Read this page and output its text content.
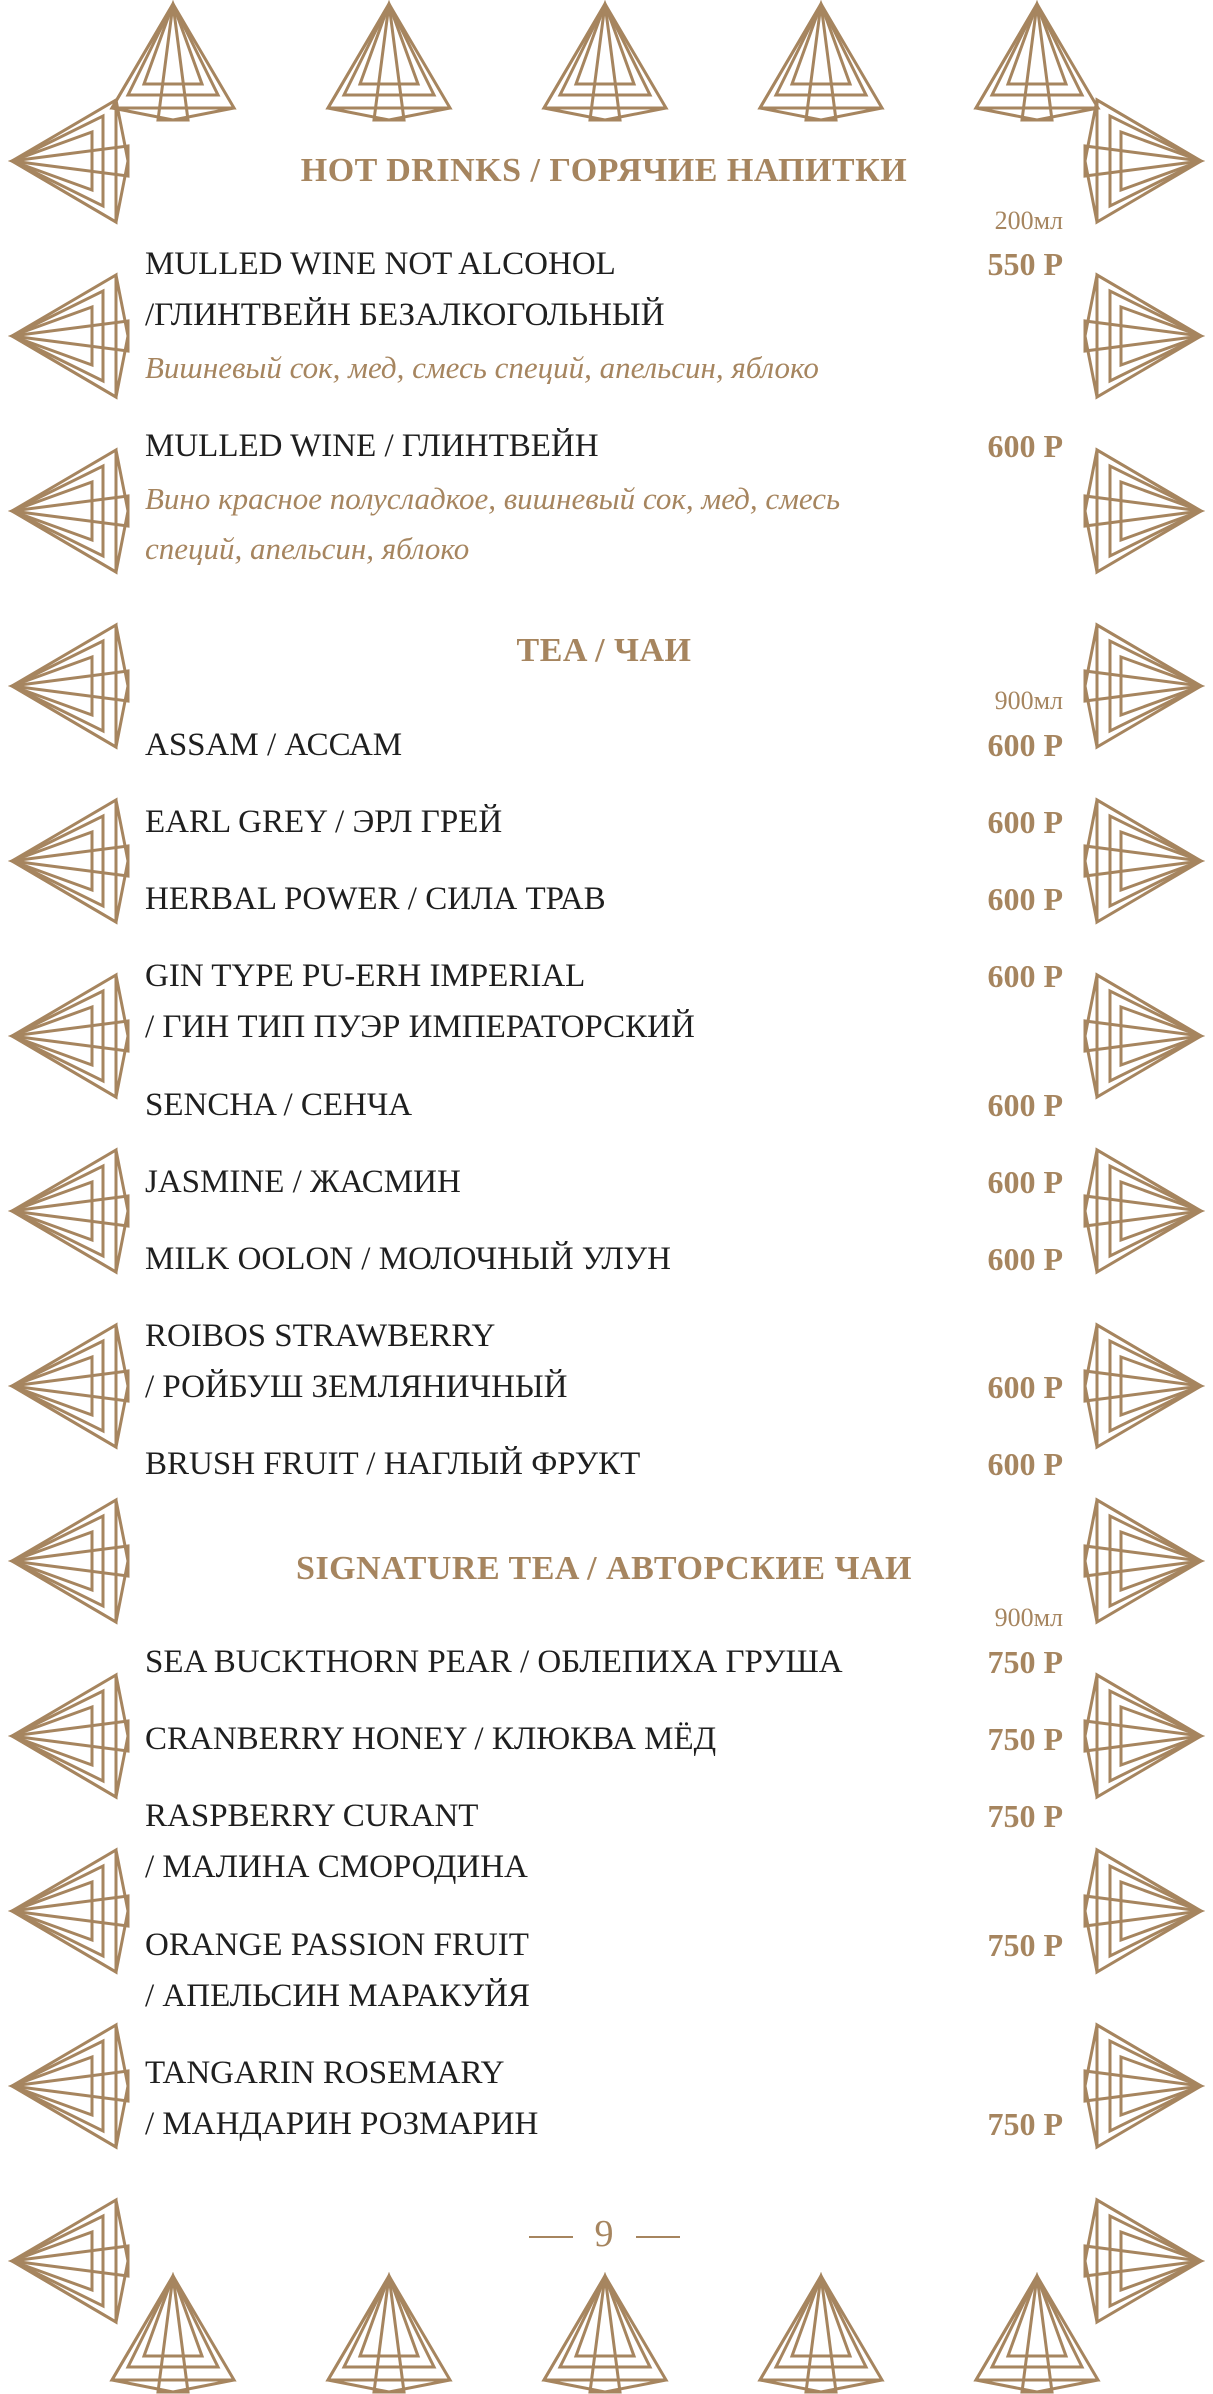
HOT DRINKS / ГОРЯЧИЕ НАПИТКИ
200мл
MULLED WINE NOT ALCOHOL	550 Р
/ГЛИНТВЕЙН БЕЗАЛКОГОЛЬНЫЙ
Вишневый сок, мед, смесь специй, апельсин, яблоко
MULLED WINE / ГЛИНТВЕЙН	600 Р
Вино красное полусладкое, вишневый сок, мед, смесь
специй, апельсин, яблоко
TEA / ЧАИ
900мл
ASSAM / АССАМ	600 Р
EARL GREY / ЭРЛ ГРЕЙ	600 Р
HERBAL POWER / СИЛА ТРАВ	600 Р
GIN TYPE PU-ERH IMPERIAL	600 Р
/ ГИН ТИП ПУЭР ИМПЕРАТОРСКИЙ
SENCHA / СЕНЧА	600 Р
JASMINE / ЖАСМИН	600 Р
MILK OOLON / МОЛОЧНЫЙ УЛУН	600 Р
ROIBOS STRAWBERRY
/ РОЙБУШ ЗЕМЛЯНИЧНЫЙ	600 Р
BRUSH FRUIT / НАГЛЫЙ ФРУКТ	600 Р
SIGNATURE TEA / АВТОРСКИЕ ЧАИ
900мл
SEA BUCKTHORN PEAR / ОБЛЕПИХА ГРУША	750 Р
CRANBERRY HONEY / КЛЮКВА МЁД	750 Р
RASPBERRY CURANT	750 Р
/ МАЛИНА СМОРОДИНА
ORANGE PASSION FRUIT	750 Р
/ АПЕЛЬСИН МАРАКУЙЯ
TANGARIN ROSEMARY
/ МАНДАРИН РОЗМАРИН	750 Р
9
